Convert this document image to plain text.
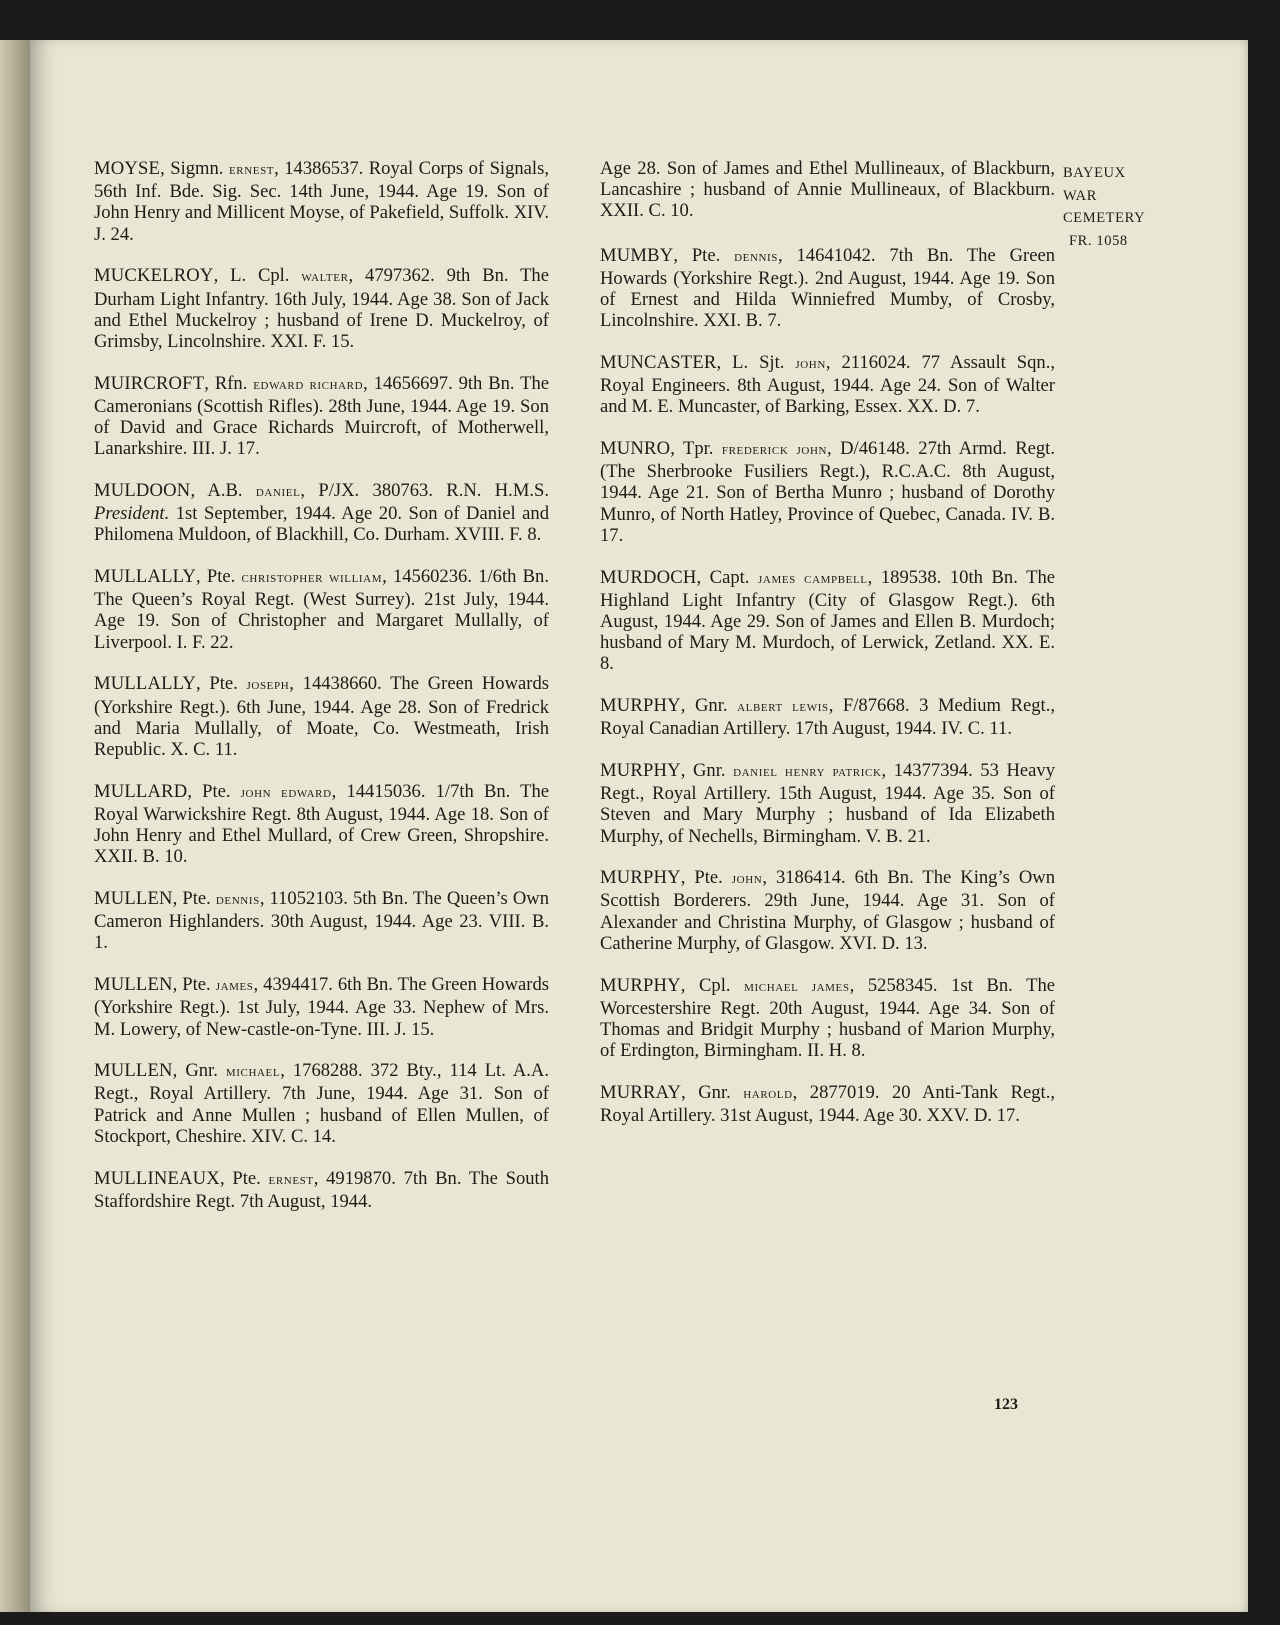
MOYSE, Sigmn. ernest, 14386537. Royal Corps of Signals, 56th Inf. Bde. Sig. Sec. 14th June, 1944. Age 19. Son of John Henry and Millicent Moyse, of Pakefield, Suffolk. XIV. J. 24.
MUCKELROY, L. Cpl. walter, 4797362. 9th Bn. The Durham Light Infantry. 16th July, 1944. Age 38. Son of Jack and Ethel Muckelroy ; husband of Irene D. Muckelroy, of Grimsby, Lincolnshire. XXI. F. 15.
MUIRCROFT, Rfn. edward richard, 14656697. 9th Bn. The Cameronians (Scottish Rifles). 28th June, 1944. Age 19. Son of David and Grace Richards Muircroft, of Motherwell, Lanarkshire. III. J. 17.
MULDOON, A.B. daniel, P/JX. 380763. R.N. H.M.S. President. 1st September, 1944. Age 20. Son of Daniel and Philomena Muldoon, of Blackhill, Co. Durham. XVIII. F. 8.
MULLALLY, Pte. christopher william, 14560236. 1/6th Bn. The Queen’s Royal Regt. (West Surrey). 21st July, 1944. Age 19. Son of Christopher and Margaret Mullally, of Liverpool. I. F. 22.
MULLALLY, Pte. joseph, 14438660. The Green Howards (Yorkshire Regt.). 6th June, 1944. Age 28. Son of Fredrick and Maria Mullally, of Moate, Co. Westmeath, Irish Republic. X. C. 11.
MULLARD, Pte. john edward, 14415036. 1/7th Bn. The Royal Warwickshire Regt. 8th August, 1944. Age 18. Son of John Henry and Ethel Mullard, of Crew Green, Shropshire. XXII. B. 10.
MULLEN, Pte. dennis, 11052103. 5th Bn. The Queen’s Own Cameron Highlanders. 30th August, 1944. Age 23. VIII. B. 1.
MULLEN, Pte. james, 4394417. 6th Bn. The Green Howards (Yorkshire Regt.). 1st July, 1944. Age 33. Nephew of Mrs. M. Lowery, of New-castle-on-Tyne. III. J. 15.
MULLEN, Gnr. michael, 1768288. 372 Bty., 114 Lt. A.A. Regt., Royal Artillery. 7th June, 1944. Age 31. Son of Patrick and Anne Mullen ; husband of Ellen Mullen, of Stockport, Cheshire. XIV. C. 14.
MULLINEAUX, Pte. ernest, 4919870. 7th Bn. The South Staffordshire Regt. 7th August, 1944.
Age 28. Son of James and Ethel Mullineaux, of Blackburn, Lancashire ; husband of Annie Mullineaux, of Blackburn. XXII. C. 10.
MUMBY, Pte. dennis, 14641042. 7th Bn. The Green Howards (Yorkshire Regt.). 2nd August, 1944. Age 19. Son of Ernest and Hilda Winniefred Mumby, of Crosby, Lincolnshire. XXI. B. 7.
MUNCASTER, L. Sjt. john, 2116024. 77 Assault Sqn., Royal Engineers. 8th August, 1944. Age 24. Son of Walter and M. E. Muncaster, of Barking, Essex. XX. D. 7.
MUNRO, Tpr. frederick john, D/46148. 27th Armd. Regt. (The Sherbrooke Fusiliers Regt.), R.C.A.C. 8th August, 1944. Age 21. Son of Bertha Munro ; husband of Dorothy Munro, of North Hatley, Province of Quebec, Canada. IV. B. 17.
MURDOCH, Capt. james campbell, 189538. 10th Bn. The Highland Light Infantry (City of Glasgow Regt.). 6th August, 1944. Age 29. Son of James and Ellen B. Murdoch; husband of Mary M. Murdoch, of Lerwick, Zetland. XX. E. 8.
MURPHY, Gnr. albert lewis, F/87668. 3 Medium Regt., Royal Canadian Artillery. 17th August, 1944. IV. C. 11.
MURPHY, Gnr. daniel henry patrick, 14377394. 53 Heavy Regt., Royal Artillery. 15th August, 1944. Age 35. Son of Steven and Mary Murphy ; husband of Ida Elizabeth Murphy, of Nechells, Birmingham. V. B. 21.
MURPHY, Pte. john, 3186414. 6th Bn. The King’s Own Scottish Borderers. 29th June, 1944. Age 31. Son of Alexander and Christina Murphy, of Glasgow ; husband of Catherine Murphy, of Glasgow. XVI. D. 13.
MURPHY, Cpl. michael james, 5258345. 1st Bn. The Worcestershire Regt. 20th August, 1944. Age 34. Son of Thomas and Bridgit Murphy ; husband of Marion Murphy, of Erdington, Birmingham. II. H. 8.
MURRAY, Gnr. harold, 2877019. 20 Anti-Tank Regt., Royal Artillery. 31st August, 1944. Age 30. XXV. D. 17.
BAYEUX
WAR
CEMETERY
FR. 1058
123
